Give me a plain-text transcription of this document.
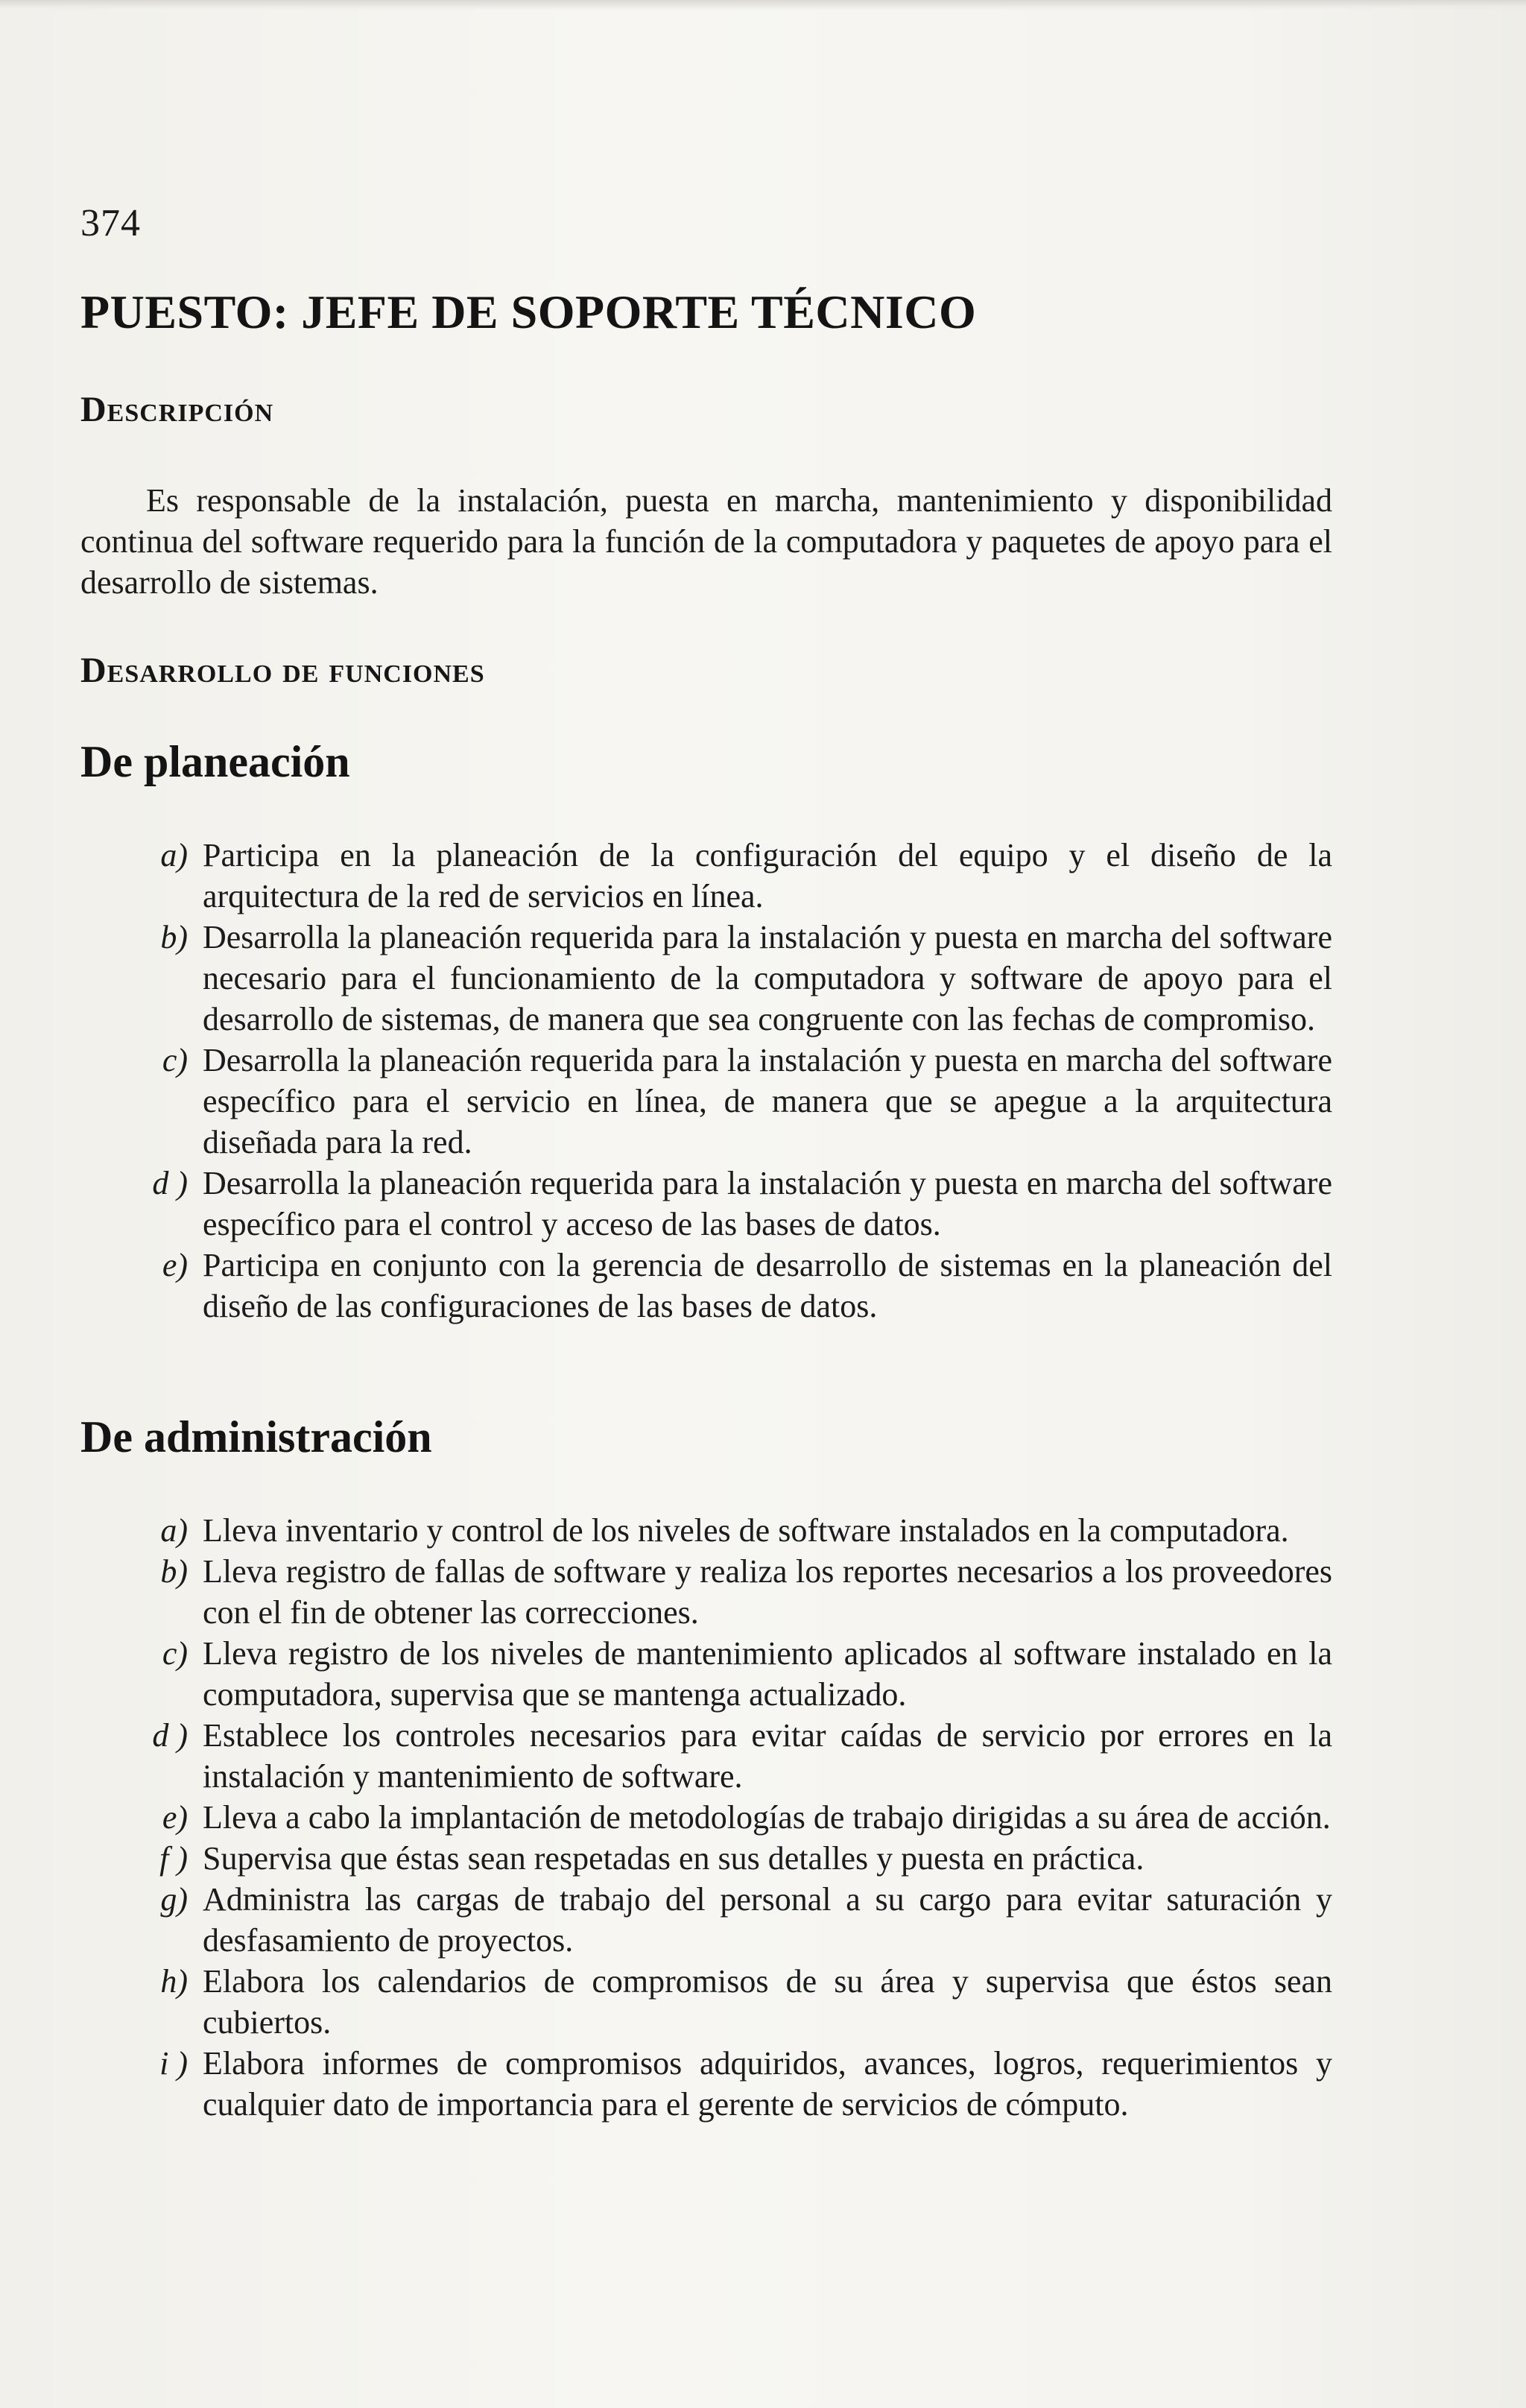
374
PUESTO: JEFE DE SOPORTE TÉCNICO
Descripción
Es responsable de la instalación, puesta en marcha, mantenimiento y disponibilidad continua del software requerido para la función de la computadora y paquetes de apoyo para el desarrollo de sistemas.
Desarrollo de funciones
De planeación
a) Participa en la planeación de la configuración del equipo y el diseño de la arquitectura de la red de servicios en línea.
b) Desarrolla la planeación requerida para la instalación y puesta en marcha del software necesario para el funcionamiento de la computadora y software de apoyo para el desarrollo de sistemas, de manera que sea congruente con las fechas de compromiso.
c) Desarrolla la planeación requerida para la instalación y puesta en marcha del software específico para el servicio en línea, de manera que se apegue a la arquitectura diseñada para la red.
d ) Desarrolla la planeación requerida para la instalación y puesta en marcha del software específico para el control y acceso de las bases de datos.
e) Participa en conjunto con la gerencia de desarrollo de sistemas en la planeación del diseño de las configuraciones de las bases de datos.
De administración
a) Lleva inventario y control de los niveles de software instalados en la computadora.
b) Lleva registro de fallas de software y realiza los reportes necesarios a los proveedores con el fin de obtener las correcciones.
c) Lleva registro de los niveles de mantenimiento aplicados al software instalado en la computadora, supervisa que se mantenga actualizado.
d ) Establece los controles necesarios para evitar caídas de servicio por errores en la instalación y mantenimiento de software.
e) Lleva a cabo la implantación de metodologías de trabajo dirigidas a su área de acción.
f ) Supervisa que éstas sean respetadas en sus detalles y puesta en práctica.
g) Administra las cargas de trabajo del personal a su cargo para evitar saturación y desfasamiento de proyectos.
h) Elabora los calendarios de compromisos de su área y supervisa que éstos sean cubiertos.
i ) Elabora informes de compromisos adquiridos, avances, logros, requerimientos y cualquier dato de importancia para el gerente de servicios de cómputo.
